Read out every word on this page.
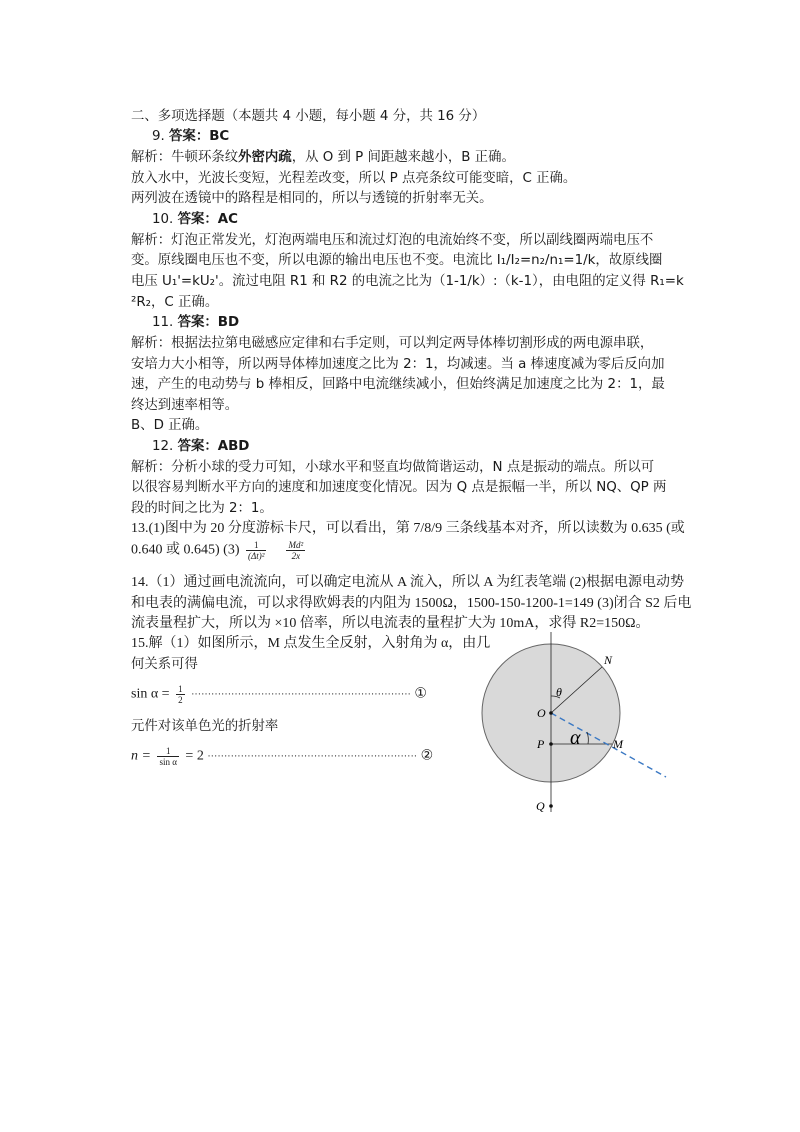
二、多项选择题（本题共 4 小题，每小题 4 分，共 16 分）
9. 答案：BC
解析：牛顿环条纹外密内疏，从 O 到 P 间距越来越小，B 正确。
放入水中，光波长变短，光程差改变，所以 P 点亮条纹可能变暗，C 正确。
两列波在透镜中的路程是相同的，所以与透镜的折射率无关。
10. 答案：AC
解析：灯泡正常发光，灯泡两端电压和流过灯泡的电流始终不变，所以副线圈两端电压不
变。原线圈电压也不变，所以电源的输出电压也不变。电流比 I₁/I₂=n₂/n₁=1/k，故原线圈
电压 U₁'=kU₂'。流过电阻 R1 和 R2 的电流之比为（1-1/k）:（k-1），由电阻的定义得 R₁=k
²R₂，C 正确。
11. 答案：BD
解析：根据法拉第电磁感应定律和右手定则，可以判定两导体棒切割形成的两电源串联，
安培力大小相等，所以两导体棒加速度之比为 2：1，均减速。当 a 棒速度减为零后反向加
速，产生的电动势与 b 棒相反，回路中电流继续减小，但始终满足加速度之比为 2：1，最
终达到速率相等。
B、D 正确。
12. 答案：ABD
解析：分析小球的受力可知，小球水平和竖直均做简谐运动，N 点是振动的端点。所以可
以很容易判断水平方向的速度和加速度变化情况。因为 Q 点是振幅一半，所以 NQ、QP 两
段的时间之比为 2：1。
13.(1)图中为 20 分度游标卡尺，可以看出，第 7/8/9 三条线基本对齐，所以读数为 0.635 (或
0.640 或 0.645) $(3) \frac{1}{\text{(Δt)²}}$
$\frac{\text{Md²}}{2x}$
14.（1）通过画电流流向，可以确定电流从 A 流入，所以 A 为红表笔端 (2)根据电源电动势
和电表的满偏电流，可以求得欧姆表的内阻为 1500Ω，1500-150-1200-1=149 (3)闭合 S2 后电
流表量程扩大，所以为 ×10 倍率，所以电流表的量程扩大为 10mA，求得 R2=150Ω。
15.解（1）如图所示，M 点发生全反射，入射角为 α，由几
何关系可得
$\sin \alpha = \frac{1}{2}$ ·································································· ①
元件对该单色光的折射率
$n = \frac{1}{\text{sin α}} = 2$ ······························································· ②
N
θ
O
P α	M
Q
